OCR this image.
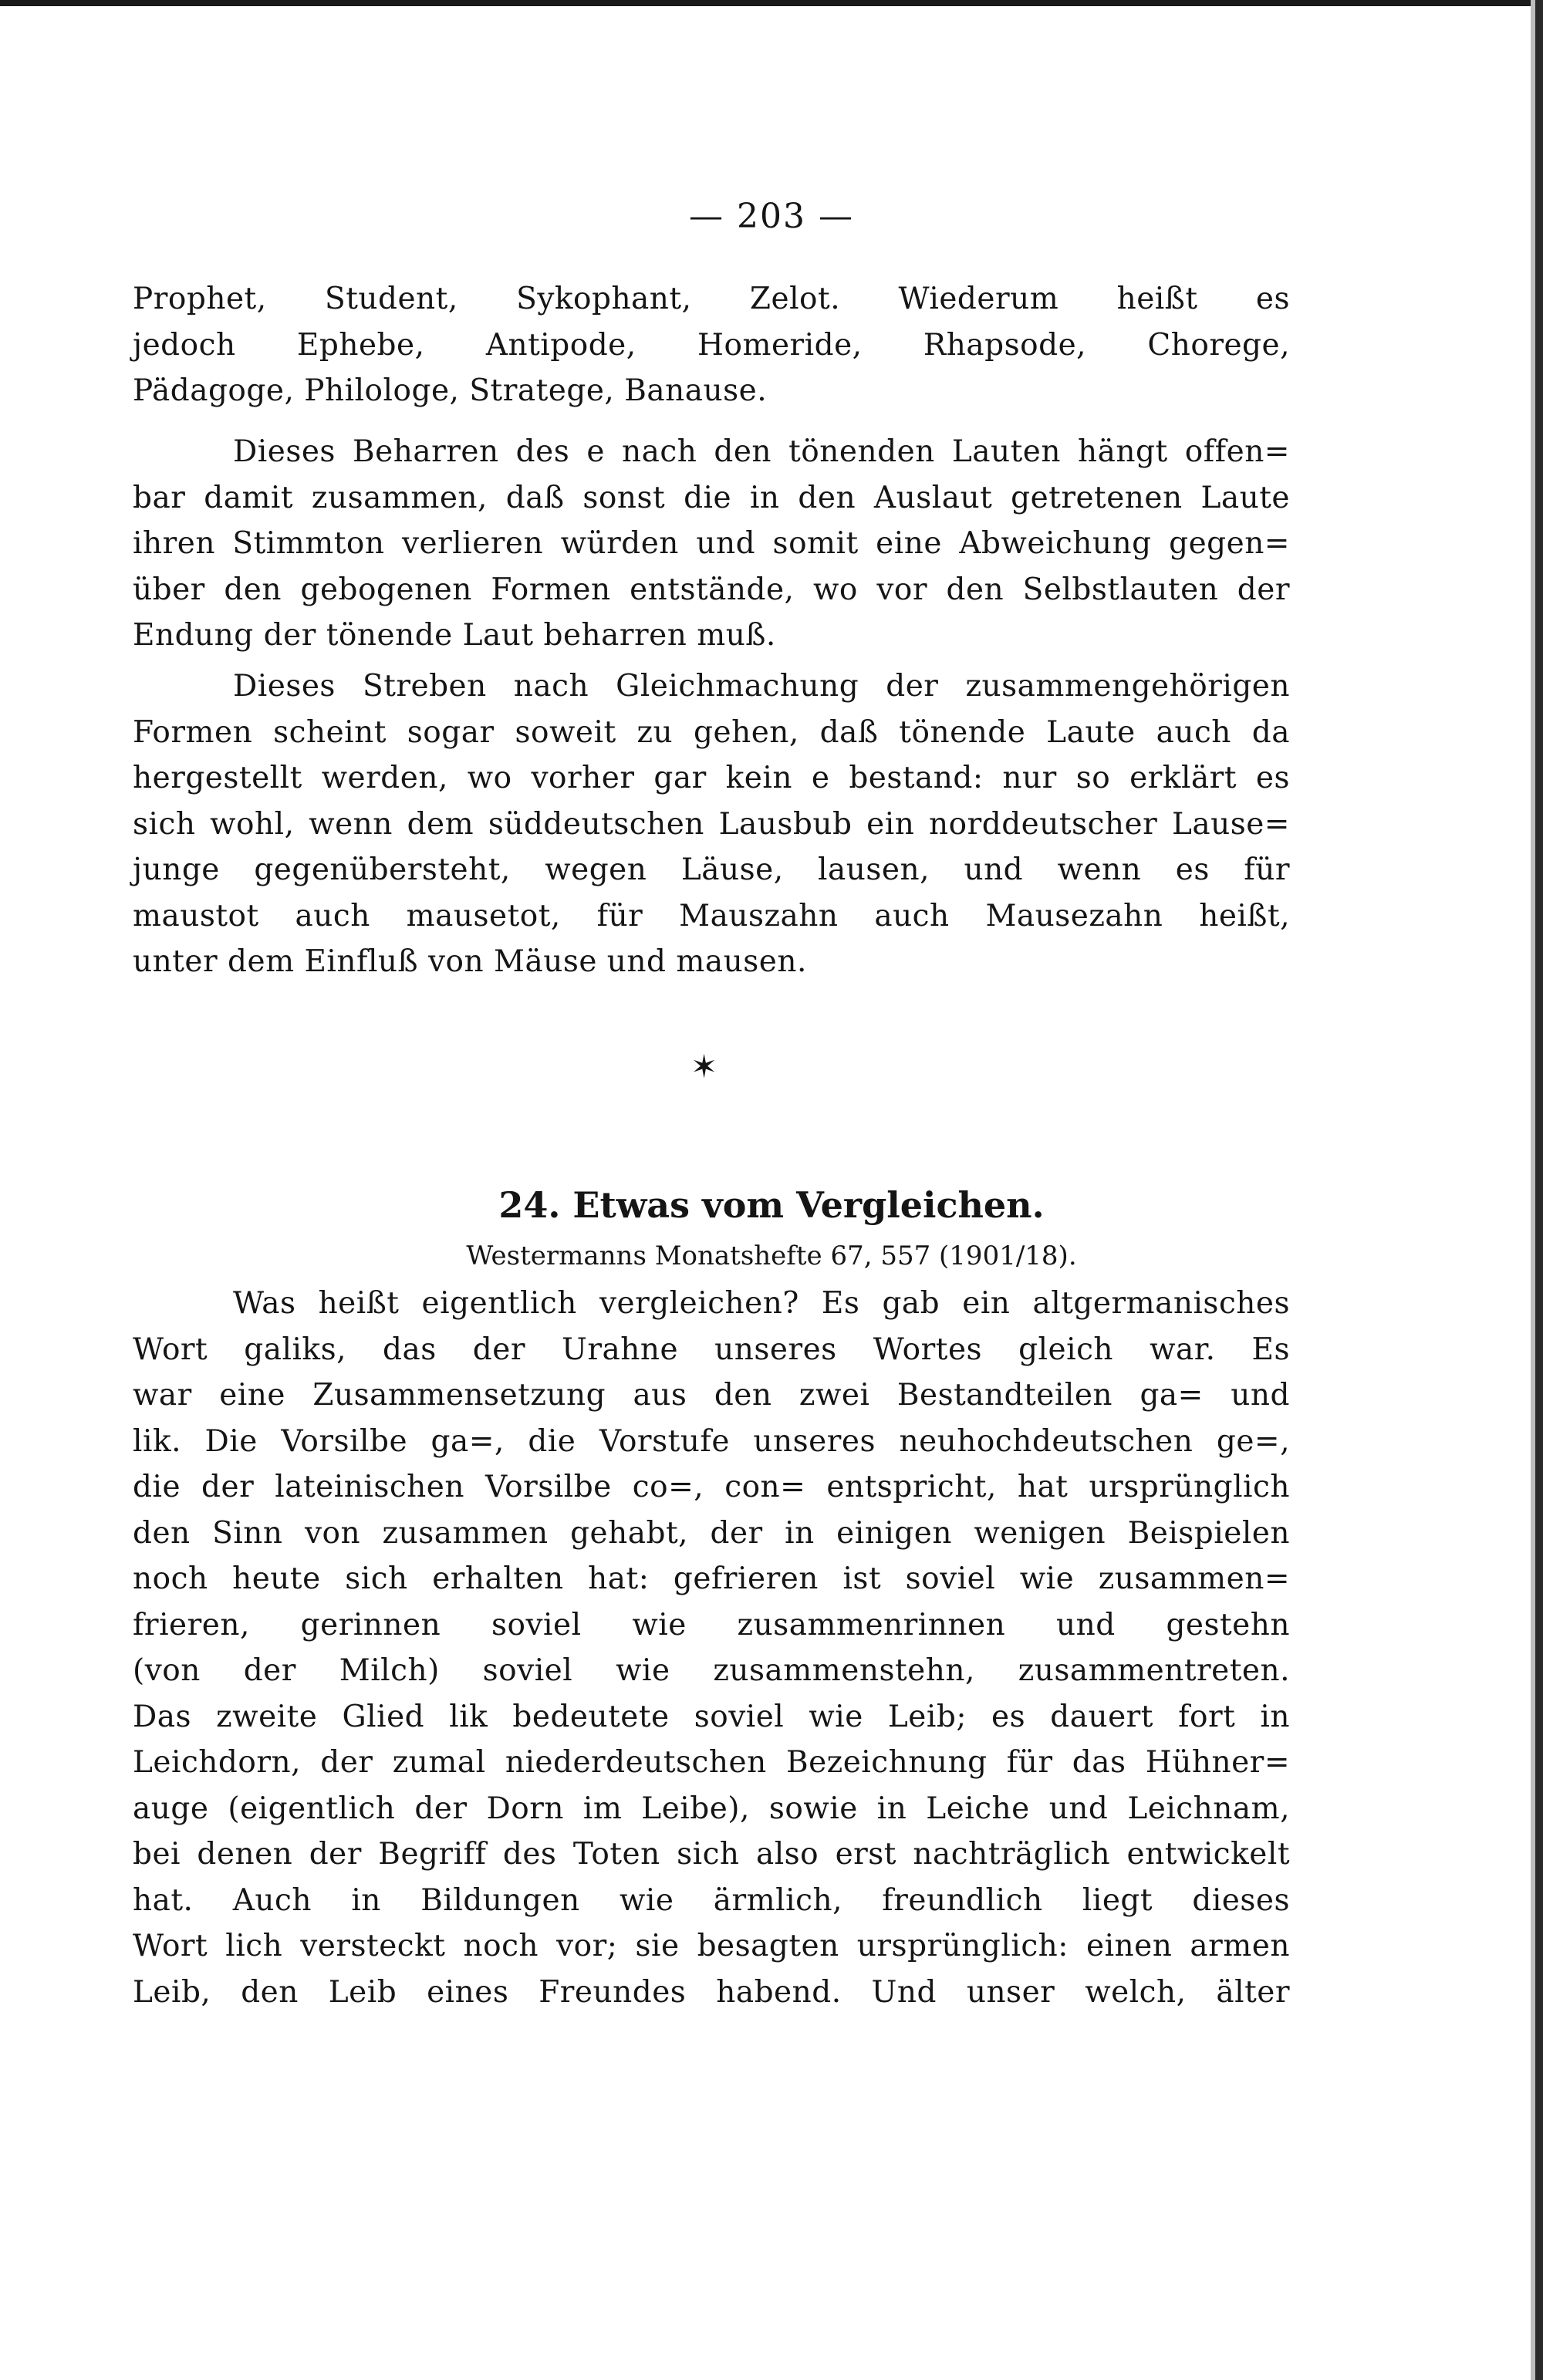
— 203 —
Prophet, Student, Sykophant, Zelot. Wiederum heißt es
jedoch Ephebe, Antipode, Homeride, Rhapsode, Chorege,
Pädagoge, Philologe, Stratege, Banause.
Dieses Beharren des e nach den tönenden Lauten hängt offen=
bar damit zusammen, daß sonst die in den Auslaut getretenen Laute
ihren Stimmton verlieren würden und somit eine Abweichung gegen=
über den gebogenen Formen entstände, wo vor den Selbstlauten der
Endung der tönende Laut beharren muß.
Dieses Streben nach Gleichmachung der zusammengehörigen
Formen scheint sogar soweit zu gehen, daß tönende Laute auch da
hergestellt werden, wo vorher gar kein e bestand: nur so erklärt es
sich wohl, wenn dem süddeutschen Lausbub ein norddeutscher Lause=
junge gegenübersteht, wegen Läuse, lausen, und wenn es für
maustot auch mausetot, für Mauszahn auch Mausezahn heißt,
unter dem Einfluß von Mäuse und mausen.
✶
24. Etwas vom Vergleichen.
Westermanns Monatshefte 67, 557 (1901/18).
Was heißt eigentlich vergleichen? Es gab ein altgermanisches
Wort galiks, das der Urahne unseres Wortes gleich war. Es
war eine Zusammensetzung aus den zwei Bestandteilen ga= und
lik. Die Vorsilbe ga=, die Vorstufe unseres neuhochdeutschen ge=,
die der lateinischen Vorsilbe co=, con= entspricht, hat ursprünglich
den Sinn von zusammen gehabt, der in einigen wenigen Beispielen
noch heute sich erhalten hat: gefrieren ist soviel wie zusammen=
frieren, gerinnen soviel wie zusammenrinnen und gestehn
(von der Milch) soviel wie zusammenstehn, zusammentreten.
Das zweite Glied lik bedeutete soviel wie Leib; es dauert fort in
Leichdorn, der zumal niederdeutschen Bezeichnung für das Hühner=
auge (eigentlich der Dorn im Leibe), sowie in Leiche und Leichnam,
bei denen der Begriff des Toten sich also erst nachträglich entwickelt
hat. Auch in Bildungen wie ärmlich, freundlich liegt dieses
Wort lich versteckt noch vor; sie besagten ursprünglich: einen armen
Leib, den Leib eines Freundes habend. Und unser welch, älter
